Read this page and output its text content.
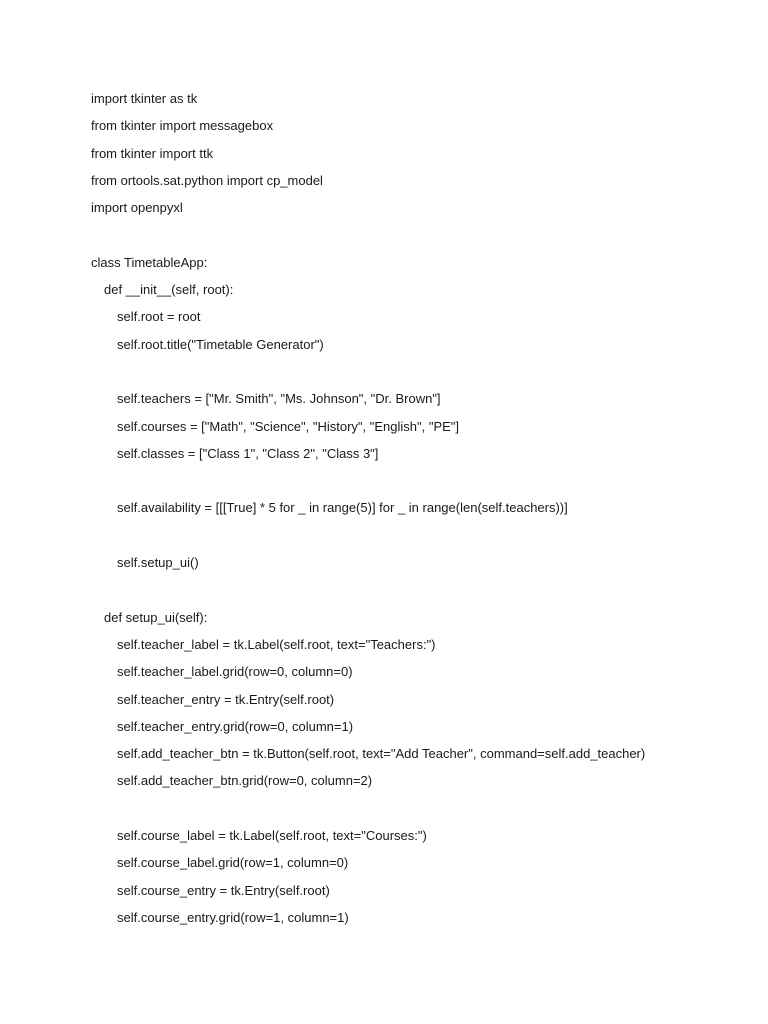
import tkinter as tk
from tkinter import messagebox
from tkinter import ttk
from ortools.sat.python import cp_model
import openpyxl
class TimetableApp:
def __init__(self, root):
self.root = root
self.root.title("Timetable Generator")
self.teachers = ["Mr. Smith", "Ms. Johnson", "Dr. Brown"]
self.courses = ["Math", "Science", "History", "English", "PE"]
self.classes = ["Class 1", "Class 2", "Class 3"]
self.availability = [[[True] * 5 for _ in range(5)] for _ in range(len(self.teachers))]
self.setup_ui()
def setup_ui(self):
self.teacher_label = tk.Label(self.root, text="Teachers:")
self.teacher_label.grid(row=0, column=0)
self.teacher_entry = tk.Entry(self.root)
self.teacher_entry.grid(row=0, column=1)
self.add_teacher_btn = tk.Button(self.root, text="Add Teacher", command=self.add_teacher)
self.add_teacher_btn.grid(row=0, column=2)
self.course_label = tk.Label(self.root, text="Courses:")
self.course_label.grid(row=1, column=0)
self.course_entry = tk.Entry(self.root)
self.course_entry.grid(row=1, column=1)
